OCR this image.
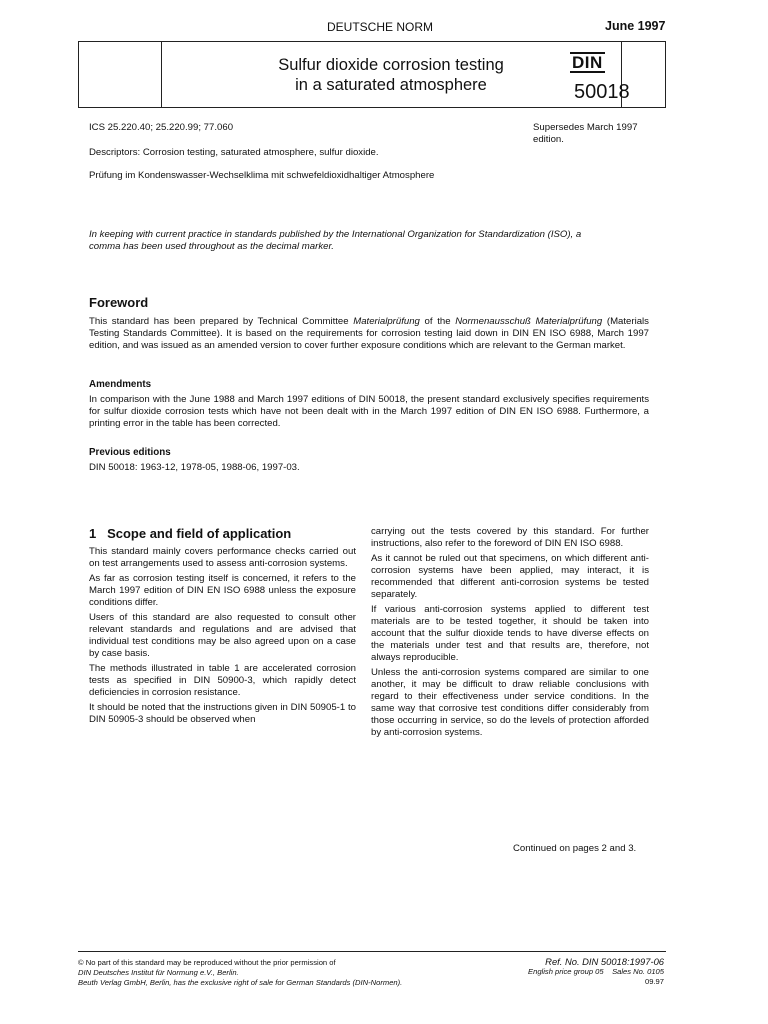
DEUTSCHE NORM	June 1997
Sulfur dioxide corrosion testing
in a saturated atmosphere
DIN
50018
ICS 25.220.40; 25.220.99; 77.060	Supersedes March 1997
edition.
Descriptors: Corrosion testing, saturated atmosphere, sulfur dioxide.
Prüfung im Kondenswasser-Wechselklima mit schwefeldioxidhaltiger Atmosphere
In keeping with current practice in standards published by the International Organization for Standardization (ISO), a
comma has been used throughout as the decimal marker.
Foreword
This standard has been prepared by Technical Committee Materialprüfung of the Normenausschuß Materialprüfung (Materials Testing Standards Committee). It is based on the requirements for corrosion testing laid down in DIN EN ISO 6988, March 1997 edition, and was issued as an amended version to cover further exposure conditions which are relevant to the German market.
Amendments
In comparison with the June 1988 and March 1997 editions of DIN 50018, the present standard exclusively specifies requirements for sulfur dioxide corrosion tests which have not been dealt with in the March 1997 edition of DIN EN ISO 6988. Furthermore, a printing error in the table has been corrected.
Previous editions
DIN 50018: 1963-12, 1978-05, 1988-06, 1997-03.
1   Scope and field of application

This standard mainly covers performance checks carried out on test arrangements used to assess anti-corrosion systems.

As far as corrosion testing itself is concerned, it refers to the March 1997 edition of DIN EN ISO 6988 unless the exposure conditions differ.

Users of this standard are also requested to consult other relevant standards and regulations and are advised that individual test conditions may be also agreed upon on a case by case basis.

The methods illustrated in table 1 are accelerated corrosion tests as specified in DIN 50900-3, which rapidly detect deficiencies in corrosion resistance.

It should be noted that the instructions given in DIN 50905-1 to DIN 50905-3 should be observed when

carrying out the tests covered by this standard. For further instructions, also refer to the foreword of DIN EN ISO 6988.

As it cannot be ruled out that specimens, on which different anti-corrosion systems have been applied, may interact, it is recommended that different anti-corrosion systems be tested separately.

If various anti-corrosion systems applied to different test materials are to be tested together, it should be taken into account that the sulfur dioxide tends to have diverse effects on the materials under test and that results are, therefore, not always reproducible.

Unless the anti-corrosion systems compared are similar to one another, it may be difficult to draw reliable conclusions with regard to their effectiveness under service conditions. In the same way that corrosive test conditions differ considerably from those occurring in service, so do the levels of protection afforded by anti-corrosion systems.

Continued on pages 2 and 3.
© No part of this standard may be reproduced without the prior permission of
DIN Deutsches Institut für Normung e.V., Berlin.
Beuth Verlag GmbH, Berlin, has the exclusive right of sale for German Standards (DIN-Normen).
Ref. No. DIN 50018:1997-06
English price group 05 Sales No. 0105
09.97
